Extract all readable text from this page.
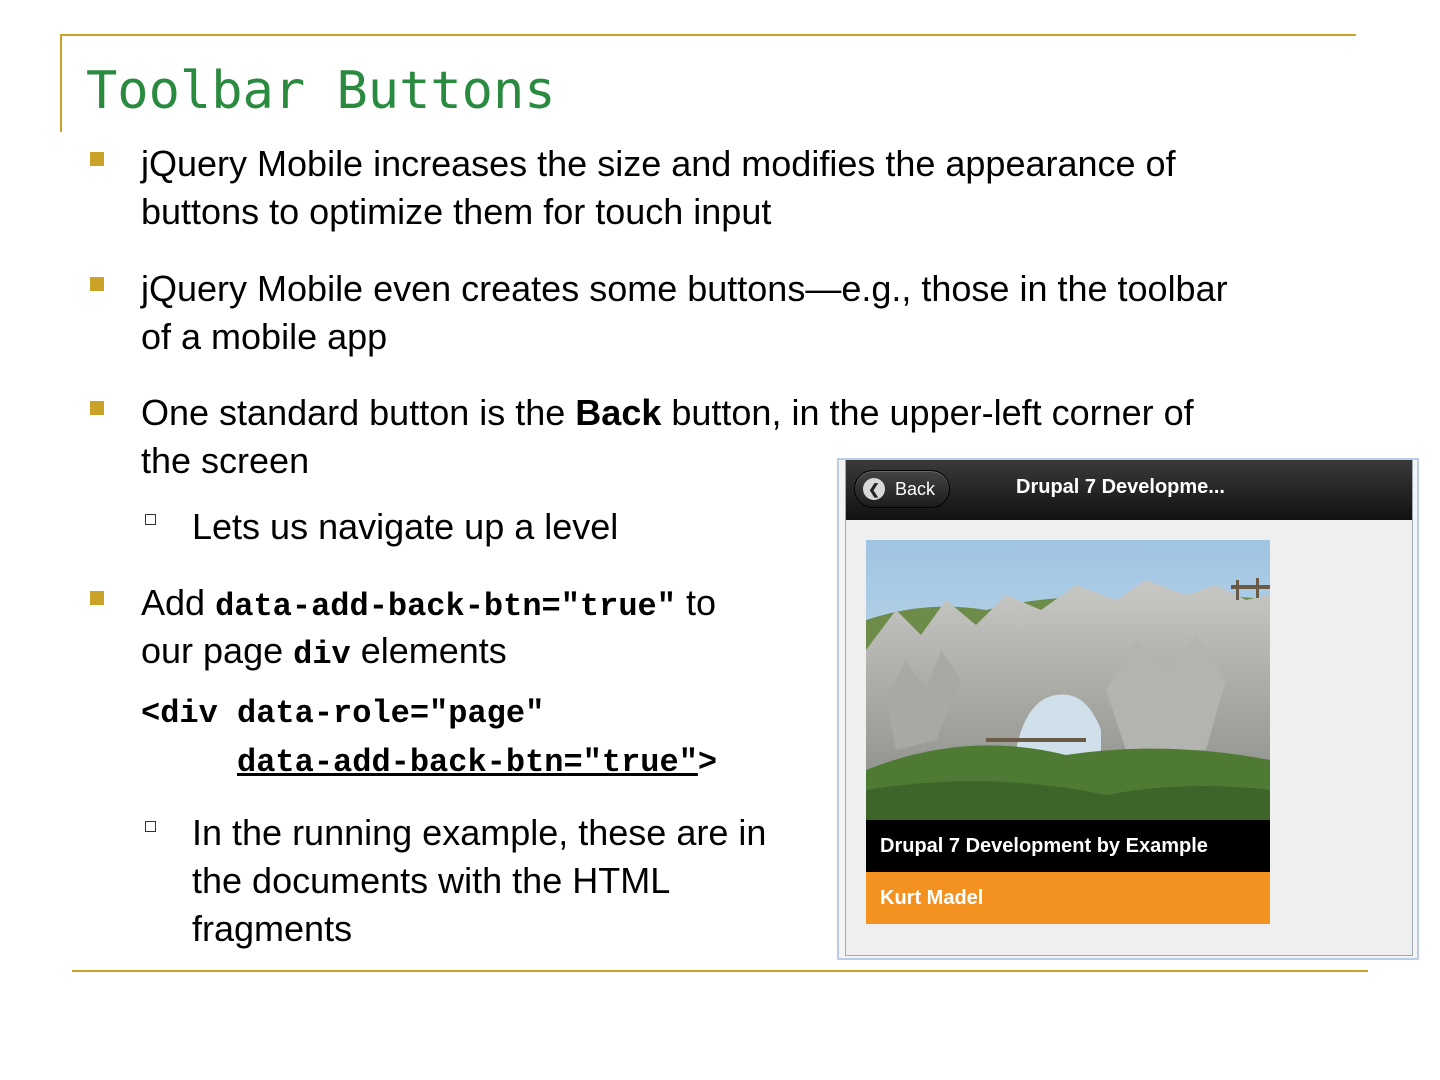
Toolbar Buttons
jQuery Mobile increases the size and modifies the appearance of
buttons to optimize them for touch input
jQuery Mobile even creates some buttons—e.g., those in the toolbar
of a mobile app
One standard button is the Back button, in the upper-left corner of
the screen
Lets us navigate up a level
Add data-add-back-btn="true" to
our page div elements
<div data-role="page"
data-add-back-btn="true">
In the running example, these are in
the documents with the HTML
fragments
❮ Back	Drupal 7 Developme...
Drupal 7 Development by Example
Kurt Madel
